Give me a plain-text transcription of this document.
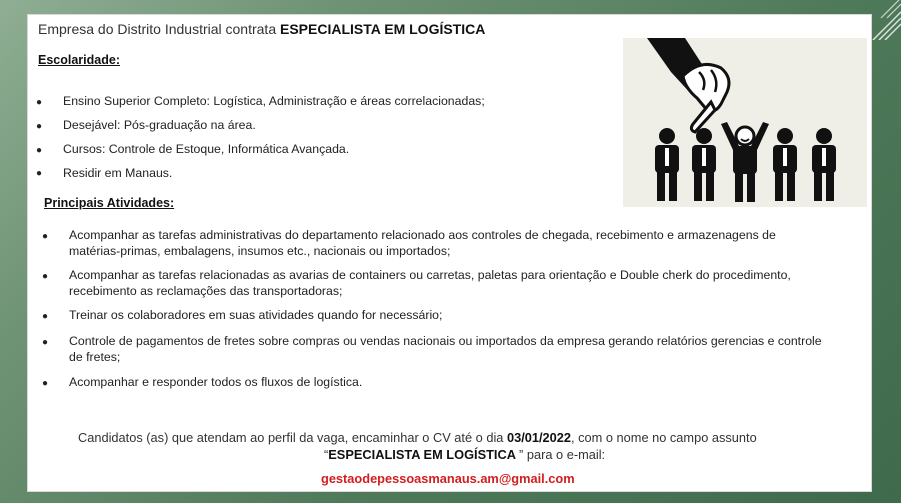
Empresa do Distrito Industrial contrata ESPECIALISTA EM LOGÍSTICA

Escolaridade:

● Ensino Superior Completo: Logística, Administração e áreas correlacionadas;

● Desejável: Pós-graduação na área.

● Cursos: Controle de Estoque, Informática Avançada.

● Residir em Manaus.

Principais Atividades:

● Acompanhar as tarefas administrativas do departamento relacionado aos controles de chegada, recebimento e armazenagens de matérias-primas, embalagens, insumos etc., nacionais ou importados;

● Acompanhar as tarefas relacionadas as avarias de containers ou carretas, paletas para orientação e Double cherk do procedimento, recebimento as reclamações das transportadoras;

● Treinar os colaboradores em suas atividades quando for necessário;

● Controle de pagamentos de fretes sobre compras ou vendas nacionais ou importados da empresa gerando relatórios gerencias e controle de fretes;

● Acompanhar e responder todos os fluxos de logística.

Candidatos (as) que atendam ao perfil da vaga, encaminhar o CV até o dia 03/01/2022, com o nome no campo assunto

“ESPECIALISTA EM LOGÍSTICA ” para o e-mail:

gestaodepessoasmanaus.am@gmail.com
